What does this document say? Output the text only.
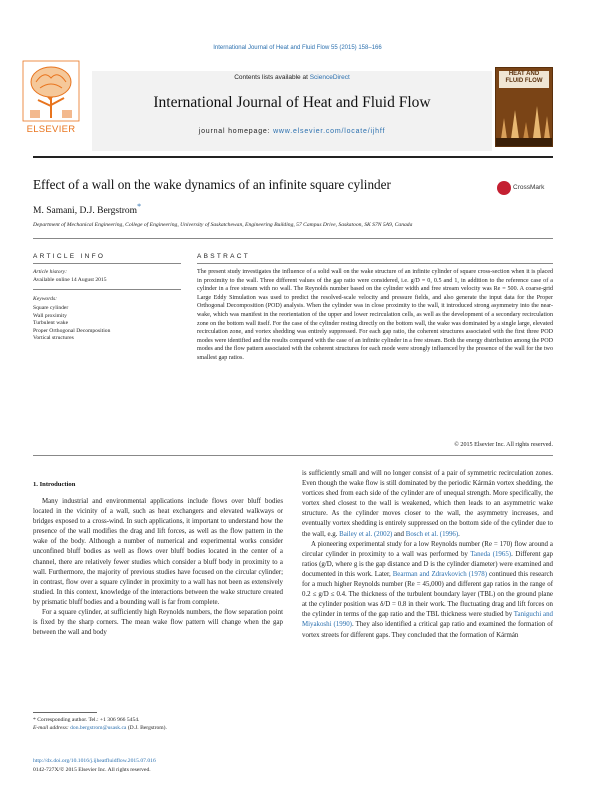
International Journal of Heat and Fluid Flow 55 (2015) 158–166
ELSEVIER
Contents lists available at ScienceDirect
International Journal of Heat and Fluid Flow
journal homepage: www.elsevier.com/locate/ijhff
HEAT AND
FLUID FLOW
Effect of a wall on the wake dynamics of an infinite square cylinder	CrossMark
M. Samani, D.J. Bergstrom*
Department of Mechanical Engineering, College of Engineering, University of Saskatchewan, Engineering Building, 57 Campus Drive, Saskatoon, SK S7N 5A9, Canada
ARTICLE INFO
Article history:
Available online 14 August 2015
Keywords:
Square cylinder
Wall proximity
Turbulent wake
Proper Orthogonal Decomposition
Vortical structures
ABSTRACT
The present study investigates the influence of a solid wall on the wake structure of an infinite cylinder of square cross-section when it is placed in proximity to the wall. Three different values of the gap ratio were considered, i.e. g/D = 0, 0.5 and 1, in addition to the reference case of a cylinder in a free stream with no wall. The Reynolds number based on the cylinder width and free stream velocity was Re = 500. A coarse-grid Large Eddy Simulation was used to predict the resolved-scale velocity and pressure fields, and also generate the input data for the Proper Orthogonal Decomposition (POD) analysis. When the cylinder was in close proximity to the wall, it introduced strong asymmetry into the near-wake, which was manifest in the reorientation of the upper and lower recirculation cells, as well as the development of a secondary recirculation zone on the bottom wall itself. For the case of the cylinder resting directly on the bottom wall, the wake was dominated by a single large, elevated recirculation zone, and vortex shedding was entirely suppressed. For each gap ratio, the coherent structures associated with the first three POD modes were identified and the results compared with the case of an infinite cylinder in a free stream. Both the energy distribution among the POD modes and the flow pattern associated with the coherent structures for each mode were strongly influenced by the presence of the wall for the two smallest gap ratios.
© 2015 Elsevier Inc. All rights reserved.
1. Introduction

Many industrial and environmental applications include flows over bluff bodies located in the vicinity of a wall, such as heat exchangers and elevated walkways or bridges exposed to a cross-wind. In such applications, it important to understand how the presence of the wall modifies the drag and lift forces, as well as the flow pattern in the wake of the body. Although a number of numerical and experimental works consider unconfined bluff bodies as well as flows over bluff bodies located in the center of a channel, there are relatively fewer studies which consider a bluff body in proximity to a wall. Furthermore, the majority of previous studies have focused on the circular cylinder; in contrast, flow over a square cylinder in proximity to a wall has not been as extensively studied. In this context, knowledge of the interactions between the wake structure created by prismatic bluff bodies and a bounding wall is far from complete.

For a square cylinder, at sufficiently high Reynolds numbers, the flow separation point is fixed by the sharp corners. The mean wake flow pattern will change when the gap between the wall and body

is sufficiently small and will no longer consist of a pair of symmetric recirculation zones. Even though the wake flow is still dominated by the periodic Kármán vortex shedding, the vortices shed from each side of the cylinder are of unequal strength. More specifically, the vortex shed closest to the wall is weakened, which then leads to an asymmetric wake structure. As the cylinder moves closer to the wall, the asymmetry increases, and eventually vortex shedding is entirely suppressed on the bottom side of the cylinder due to the wall, e.g. Bailey et al. (2002) and Bosch et al. (1996).

A pioneering experimental study for a low Reynolds number (Re = 170) flow around a circular cylinder in proximity to a wall was performed by Taneda (1965). Different gap ratios (g/D, where g is the gap distance and D is the cylinder diameter) were examined and documented in this work. Later, Bearman and Zdravkovich (1978) continued this research for a much higher Reynolds number (Re = 45,000) and different gap ratios in the range of 0.2 ≤ g/D ≤ 0.4. The thickness of the turbulent boundary layer (TBL) on the ground plane at the cylinder position was δ/D = 0.8 in their work. The fluctuating drag and lift forces on the cylinder in terms of the gap ratio and the TBL thickness were studied by Taniguchi and Miyakoshi (1990). They also identified a critical gap ratio and examined the formation of vortex streets for different gaps. They concluded that the formation of Kármán

* Corresponding author. Tel.: +1 306 966 5454.
E-mail address: don.bergstrom@usask.ca (D.J. Bergstrom).
http://dx.doi.org/10.1016/j.ijheatfluidflow.2015.07.016
0142-727X/© 2015 Elsevier Inc. All rights reserved.
